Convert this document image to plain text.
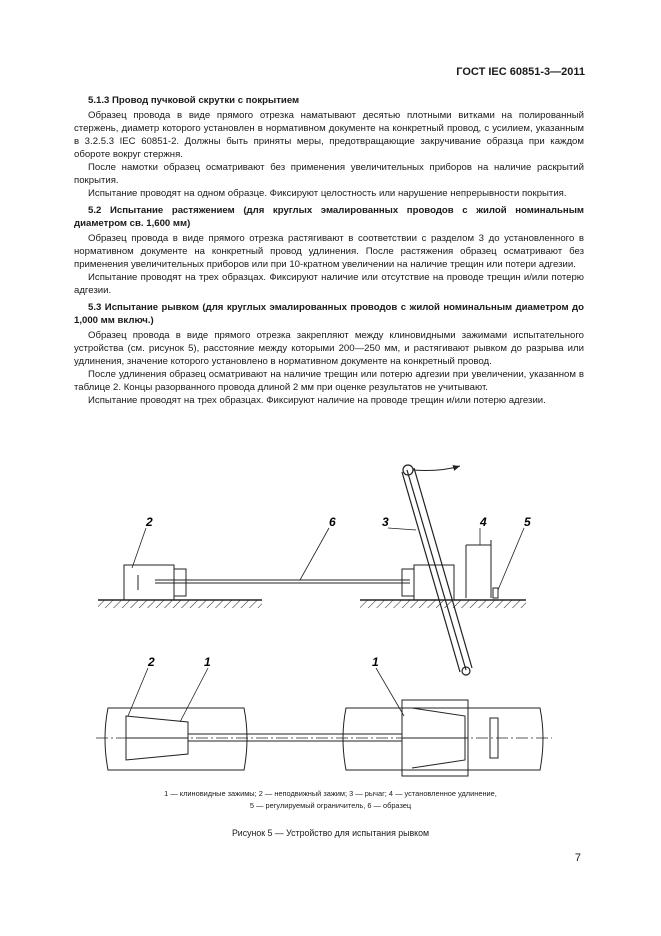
ГОСТ IEC 60851-3—2011

5.1.3 Провод пучковой скрутки с покрытием

Образец провода в виде прямого отрезка наматывают десятью плотными витками на полированный стержень, диаметр которого установлен в нормативном документе на конкретный провод, с усилием, указанным в 3.2.5.3 IEC 60851-2. Должны быть приняты меры, предотвращающие закручивание образца при каждом обороте вокруг стержня.

После намотки образец осматривают без применения увеличительных приборов на наличие раскрытий покрытия.

Испытание проводят на одном образце. Фиксируют целостность или нарушение непрерывности покрытия.

5.2 Испытание растяжением (для круглых эмалированных проводов с жилой номинальным диаметром св. 1,600 мм)

Образец провода в виде прямого отрезка растягивают в соответствии с разделом 3 до установленного в нормативном документе на конкретный провод удлинения. После растяжения образец осматривают без применения увеличительных приборов или при 10-кратном увеличении на наличие трещин или потери адгезии.

Испытание проводят на трех образцах. Фиксируют наличие или отсутствие на проводе трещин и/или потерю адгезии.

5.3 Испытание рывком (для круглых эмалированных проводов с жилой номинальным диаметром до 1,000 мм включ.)

Образец провода в виде прямого отрезка закрепляют между клиновидными зажимами испытательного устройства (см. рисунок 5), расстояние между которыми 200—250 мм, и растягивают рывком до разрыва или удлинения, значение которого установлено в нормативном документе на конкретный провод.

После удлинения образец осматривают на наличие трещин или потерю адгезии при увеличении, указанном в таблице 2. Концы разорванного провода длиной 2 мм при оценке результатов не учитывают.

Испытание проводят на трех образцах. Фиксируют наличие на проводе трещин и/или потерю адгезии.

2	6	3	4	5
2	1	1
1 — клиновидные зажимы; 2 — неподвижный зажим; 3 — рычаг; 4 — установленное удлинение,
5 — регулируемый ограничитель, 6 — образец
Рисунок 5 — Устройство для испытания рывком
7
